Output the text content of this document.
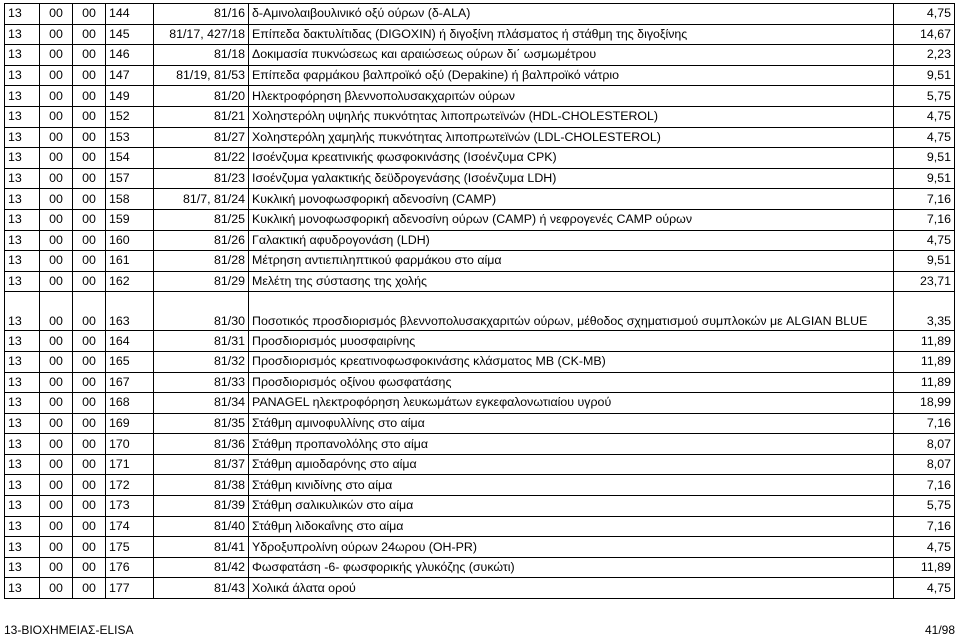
13	00	00	144	81/16	δ-Αμινολαιβουλινικό οξύ ούρων (δ-ALA)	4,75
13	00	00	145	81/17, 427/18	Επίπεδα δακτυλίτιδας (DIGOXIN) ή διγοξίνη πλάσματος ή στάθμη της διγοξίνης	14,67
13	00	00	146	81/18	Δοκιμασία πυκνώσεως και αραιώσεως ούρων δι΄ ωσμωμέτρου	2,23
13	00	00	147	81/19, 81/53	Επίπεδα φαρμάκου βαλπροϊκό οξύ (Depakine) ή βαλπροϊκό νάτριο	9,51
13	00	00	149	81/20	Ηλεκτροφόρηση βλεννοπολυσακχαριτών ούρων	5,75
13	00	00	152	81/21	Χοληστερόλη υψηλής πυκνότητας λιποπρωτεϊνών (HDL-CHOLESTEROL)	4,75
13	00	00	153	81/27	Χοληστερόλη χαμηλής πυκνότητας λιποπρωτεϊνών (LDL-CHOLESTEROL)	4,75
13	00	00	154	81/22	Ισοένζυμα κρεατινικής φωσφοκινάσης (Ισοένζυμα CPK)	9,51
13	00	00	157	81/23	Ισοένζυμα γαλακτικής δεϋδρογενάσης (Ισοένζυμα LDH)	9,51
13	00	00	158	81/7, 81/24	Κυκλική μονοφωσφορική αδενοσίνη (CAMP)	7,16
13	00	00	159	81/25	Κυκλική μονοφωσφορική αδενοσίνη ούρων (CAMP) ή νεφρογενές CAMP ούρων	7,16
13	00	00	160	81/26	Γαλακτική αφυδρογονάση (LDH)	4,75
13	00	00	161	81/28	Μέτρηση αντιεπιληπτικού φαρμάκου στο αίμα	9,51
13	00	00	162	81/29	Μελέτη της σύστασης της χολής	23,71
13	00	00	163	81/30	Ποσοτικός προσδιορισμός βλεννοπολυσακχαριτών ούρων, μέθοδος σχηματισμού συμπλοκών με ALGIAN BLUE	3,35
13	00	00	164	81/31	Προσδιορισμός μυοσφαιρίνης	11,89
13	00	00	165	81/32	Προσδιορισμός κρεατινοφωσφοκινάσης κλάσματος MB (CK-MB)	11,89
13	00	00	167	81/33	Προσδιορισμός οξίνου φωσφατάσης	11,89
13	00	00	168	81/34	PANAGEL ηλεκτροφόρηση λευκωμάτων εγκεφαλονωτιαίου υγρού	18,99
13	00	00	169	81/35	Στάθμη αμινοφυλλίνης στο αίμα	7,16
13	00	00	170	81/36	Στάθμη προπανολόλης στο αίμα	8,07
13	00	00	171	81/37	Στάθμη αμιοδαρόνης στο αίμα	8,07
13	00	00	172	81/38	Στάθμη κινιδίνης στο αίμα	7,16
13	00	00	173	81/39	Στάθμη σαλικυλικών στο αίμα	5,75
13	00	00	174	81/40	Στάθμη λιδοκαΐνης στο αίμα	7,16
13	00	00	175	81/41	Υδροξυπρολίνη ούρων 24ωρου (OH-PR)	4,75
13	00	00	176	81/42	Φωσφατάση -6- φωσφορικής γλυκόζης (συκώτι)	11,89
13	00	00	177	81/43	Χολικά άλατα ορού	4,75
13-ΒΙΟΧΗΜΕΙΑΣ-ELISA	41/98
